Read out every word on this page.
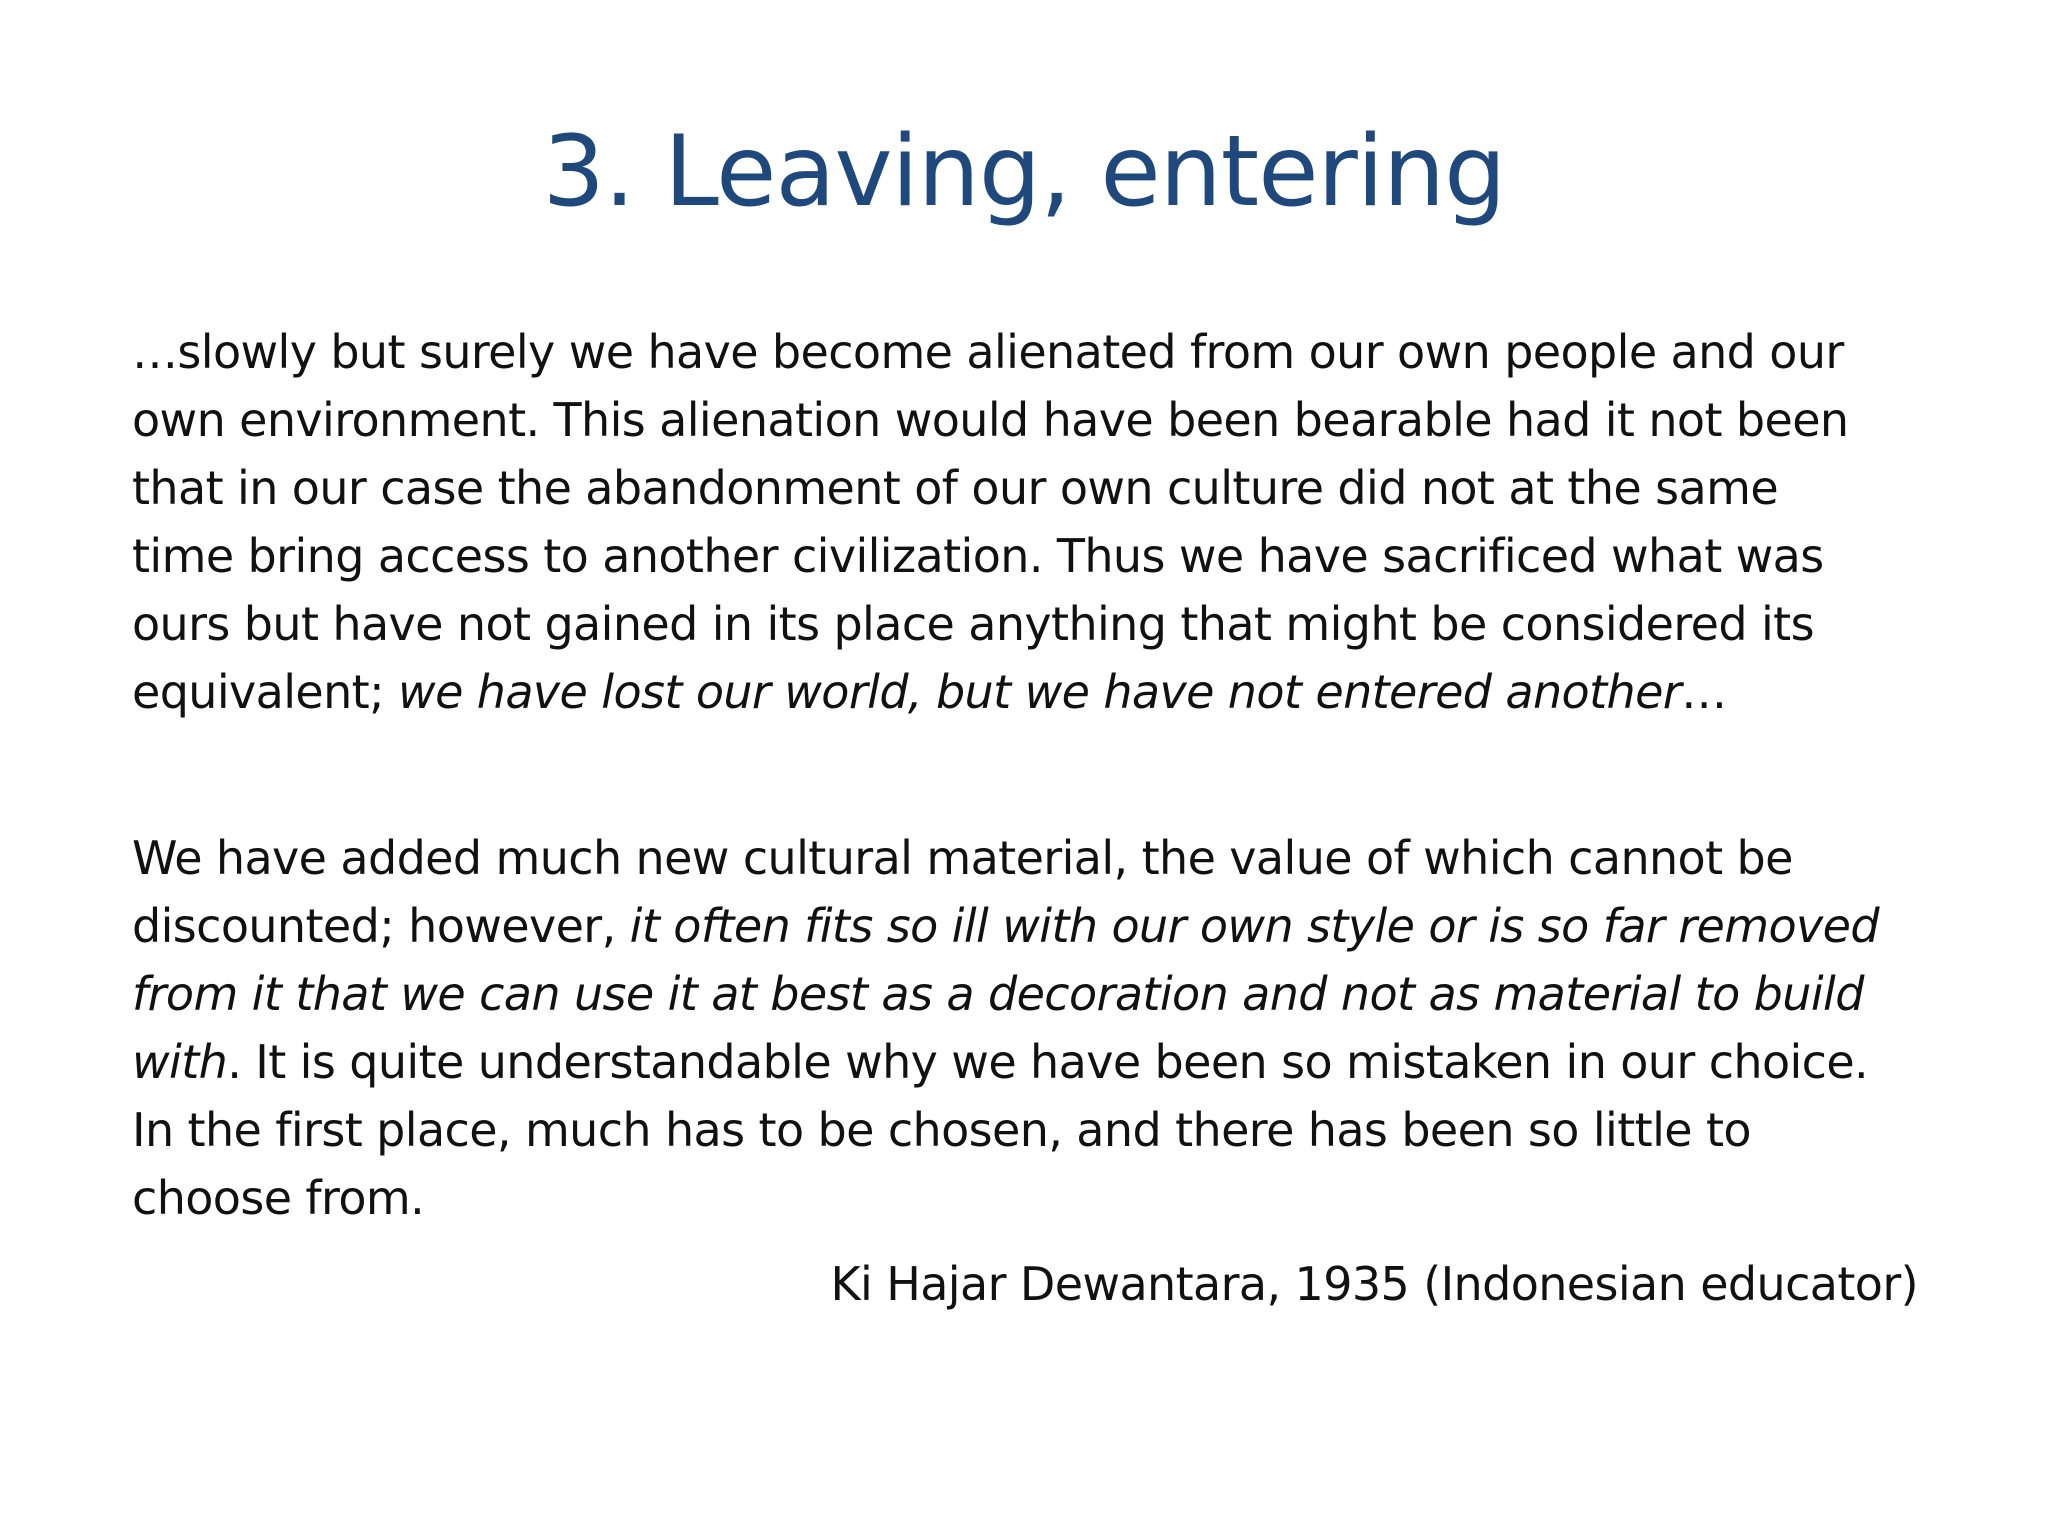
3. Leaving, entering

…slowly but surely we have become alienated from our own people and our
own environment. This alienation would have been bearable had it not been
that in our case the abandonment of our own culture did not at the same
time bring access to another civilization. Thus we have sacrificed what was
ours but have not gained in its place anything that might be considered its
equivalent; we have lost our world, but we have not entered another…

We have added much new cultural material, the value of which cannot be
discounted; however, it often fits so ill with our own style or is so far removed
from it that we can use it at best as a decoration and not as material to build
with. It is quite understandable why we have been so mistaken in our choice.
In the first place, much has to be chosen, and there has been so little to
choose from.

Ki Hajar Dewantara, 1935 (Indonesian educator)
